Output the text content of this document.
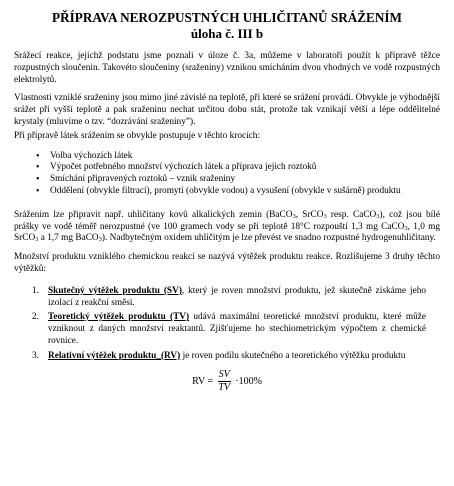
PŘÍPRAVA NEROZPUSTNÝCH UHLIČITANŮ SRÁŽENÍM
úloha č. III b

Srážecí reakce, jejichž podstatu jsme poznali v úloze č. 3a, můžeme v laboratoři použít k přípravě těžce rozpustných sloučenin. Takovéto sloučeniny (sraženiny) vznikou smícháním dvou vhodných ve vodě rozpustných elektrolytů.

Vlastnosti vzniklé sraženiny jsou mimo jiné závislé na teplotě, při které se srážení provádí. Obvykle je výhodnější srážet při vyšší teplotě a pak sraženinu nechat určitou dobu stát, protože tak vznikají větší a lépe oddělitelné krystaly (mluvíme o tzv. “dozrávání sraženiny”).

Při přípravě látek srážením se obvykle postupuje v těchto krocích:

• Volba výchozích látek
• Výpočet potřebného množství výchozích látek a příprava jejich roztoků
• Smíchání připravených roztoků – vznik sraženiny
• Oddělení (obvykle filtrací), promytí (obvykle vodou) a vysušení (obvykle v sušárně) produktu

Srážením lze připravit např. uhličitany kovů alkalických zemin (BaCO$_3$, SrCO$_3$ resp. CaCO$_3$), což jsou bílé prášky ve vodě téměř nerozpustné (ve 100 gramech vody se při teplotě 18°C rozpouští 1,3 mg CaCO$_3$, 1,0 mg SrCO$_3$ a 1,7 mg BaCO$_3$). Nadbytečným oxidem uhličitým je lze převést ve snadno rozpustné hydrogenuhličitany.

Množství produktu vzniklého chemickou reakcí se nazývá výtěžek produktu reakce. Rozlišujeme 3 druhy těchto výtěžků:

1. Skutečný výtěžek produktu (SV), který je roven množství produktu, jež skutečně získáme jeho izolací z reakční směsi.
2. Teoretický výtěžek produktu (TV) udává maximální teoretické množství produktu, které může vzniknout z daných množství reaktantů. Zjišťujeme ho stechiometrickým výpočtem z chemické rovnice.
3. Relativní výtěžek produktu_(RV) je roven podílu skutečného a teoretického výtěžku produktu
RV = $\frac{SV}{TV} \cdot 100\%$
